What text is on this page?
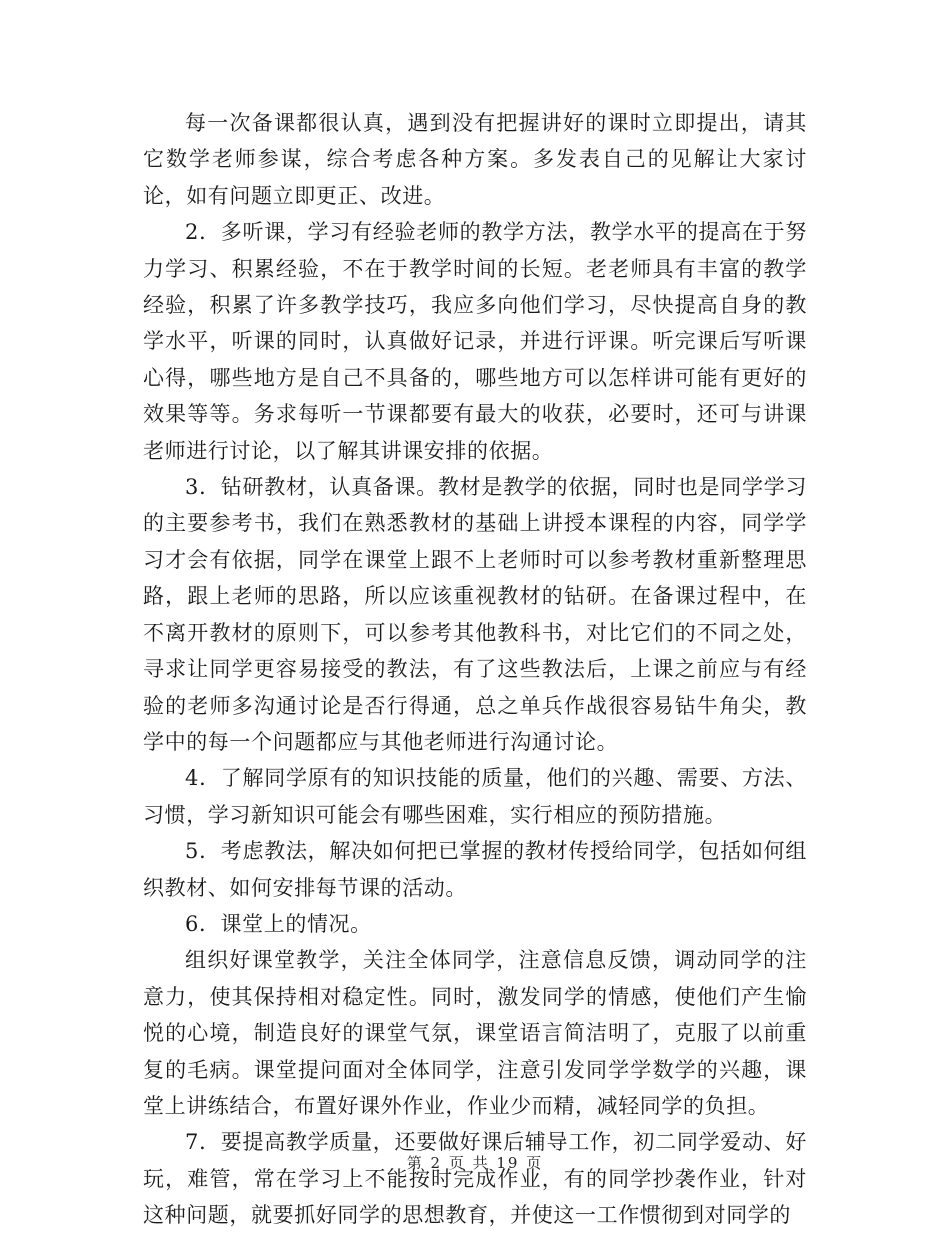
每一次备课都很认真，遇到没有把握讲好的课时立即提出，请其它数学老师参谋，综合考虑各种方案。多发表自己的见解让大家讨论，如有问题立即更正、改进。

2．多听课，学习有经验老师的教学方法，教学水平的提高在于努力学习、积累经验，不在于教学时间的长短。老老师具有丰富的教学经验，积累了许多教学技巧，我应多向他们学习，尽快提高自身的教学水平，听课的同时，认真做好记录，并进行评课。听完课后写听课心得，哪些地方是自己不具备的，哪些地方可以怎样讲可能有更好的效果等等。务求每听一节课都要有最大的收获，必要时，还可与讲课老师进行讨论，以了解其讲课安排的依据。

3．钻研教材，认真备课。教材是教学的依据，同时也是同学学习的主要参考书，我们在熟悉教材的基础上讲授本课程的内容，同学学习才会有依据，同学在课堂上跟不上老师时可以参考教材重新整理思路，跟上老师的思路，所以应该重视教材的钻研。在备课过程中，在不离开教材的原则下，可以参考其他教科书，对比它们的不同之处，寻求让同学更容易接受的教法，有了这些教法后，上课之前应与有经验的老师多沟通讨论是否行得通，总之单兵作战很容易钻牛角尖，教学中的每一个问题都应与其他老师进行沟通讨论。

4．了解同学原有的知识技能的质量，他们的兴趣、需要、方法、习惯，学习新知识可能会有哪些困难，实行相应的预防措施。

5．考虑教法，解决如何把已掌握的教材传授给同学，包括如何组织教材、如何安排每节课的活动。

6．课堂上的情况。

组织好课堂教学，关注全体同学，注意信息反馈，调动同学的注意力，使其保持相对稳定性。同时，激发同学的情感，使他们产生愉悦的心境，制造良好的课堂气氛，课堂语言简洁明了，克服了以前重复的毛病。课堂提问面对全体同学，注意引发同学学数学的兴趣，课堂上讲练结合，布置好课外作业，作业少而精，减轻同学的负担。

7．要提高教学质量，还要做好课后辅导工作，初二同学爱动、好玩，难管，常在学习上不能按时完成作业，有的同学抄袭作业，针对这种问题，就要抓好同学的思想教育，并使这一工作惯彻到对同学的

第 2 页 共 19 页
